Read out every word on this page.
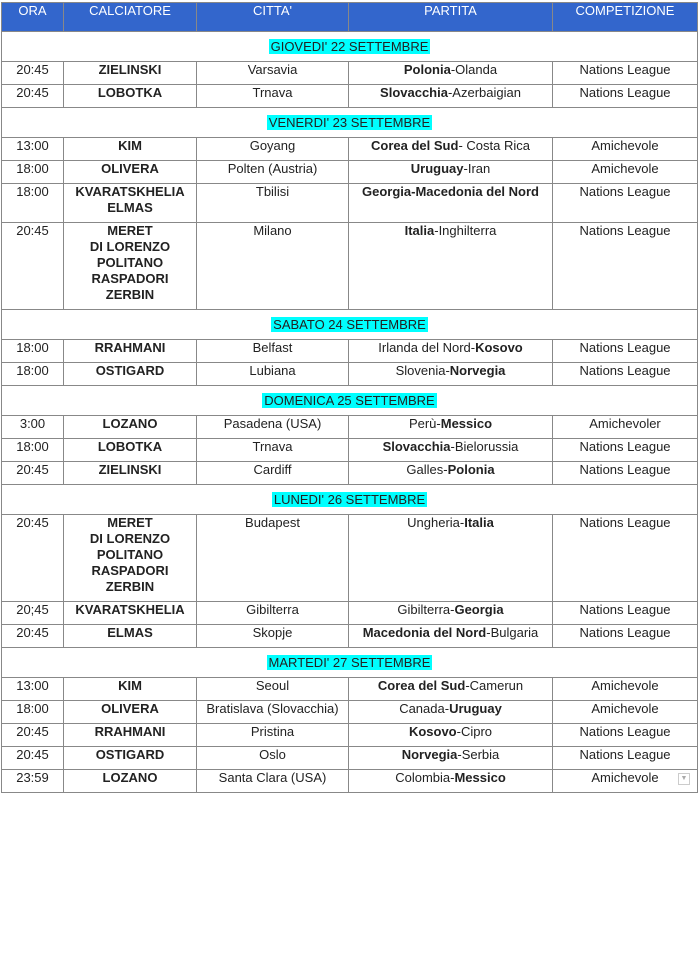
ORA	CALCIATORE	CITTA'	PARTITA	COMPETIZIONE
GIOVEDI' 22 SETTEMBRE				
20:45	ZIELINSKI	Varsavia	Polonia-Olanda	Nations League
20:45	LOBOTKA	Trnava	Slovacchia-Azerbaigian	Nations League
VENERDI' 23 SETTEMBRE				
13:00	KIM	Goyang	Corea del Sud- Costa Rica	Amichevole
18:00	OLIVERA	Polten (Austria)	Uruguay-Iran	Amichevole
18:00	KVARATSKHELIA
ELMAS	Tbilisi	Georgia-Macedonia del Nord	Nations League
20:45	MERET
DI LORENZO
POLITANO
RASPADORI
ZERBIN	Milano	Italia-Inghilterra	Nations League
SABATO 24 SETTEMBRE				
18:00	RRAHMANI	Belfast	Irlanda del Nord-Kosovo	Nations League
18:00	OSTIGARD	Lubiana	Slovenia-Norvegia	Nations League
DOMENICA 25 SETTEMBRE				
3:00	LOZANO	Pasadena (USA)	Perù-Messico	Amichevoler
18:00	LOBOTKA	Trnava	Slovacchia-Bielorussia	Nations League
20:45	ZIELINSKI	Cardiff	Galles-Polonia	Nations League
LUNEDI' 26 SETTEMBRE				
20:45	MERET
DI LORENZO
POLITANO
RASPADORI
ZERBIN	Budapest	Ungheria-Italia	Nations League
20;45	KVARATSKHELIA	Gibilterra	Gibilterra-Georgia	Nations League
20:45	ELMAS	Skopje	Macedonia del Nord-Bulgaria	Nations League
MARTEDI' 27 SETTEMBRE				
13:00	KIM	Seoul	Corea del Sud-Camerun	Amichevole
18:00	OLIVERA	Bratislava (Slovacchia)	Canada-Uruguay	Amichevole
20:45	RRAHMANI	Pristina	Kosovo-Cipro	Nations League
20:45	OSTIGARD	Oslo	Norvegia-Serbia	Nations League
23:59	LOZANO	Santa Clara (USA)	Colombia-Messico	Amichevole	▼
